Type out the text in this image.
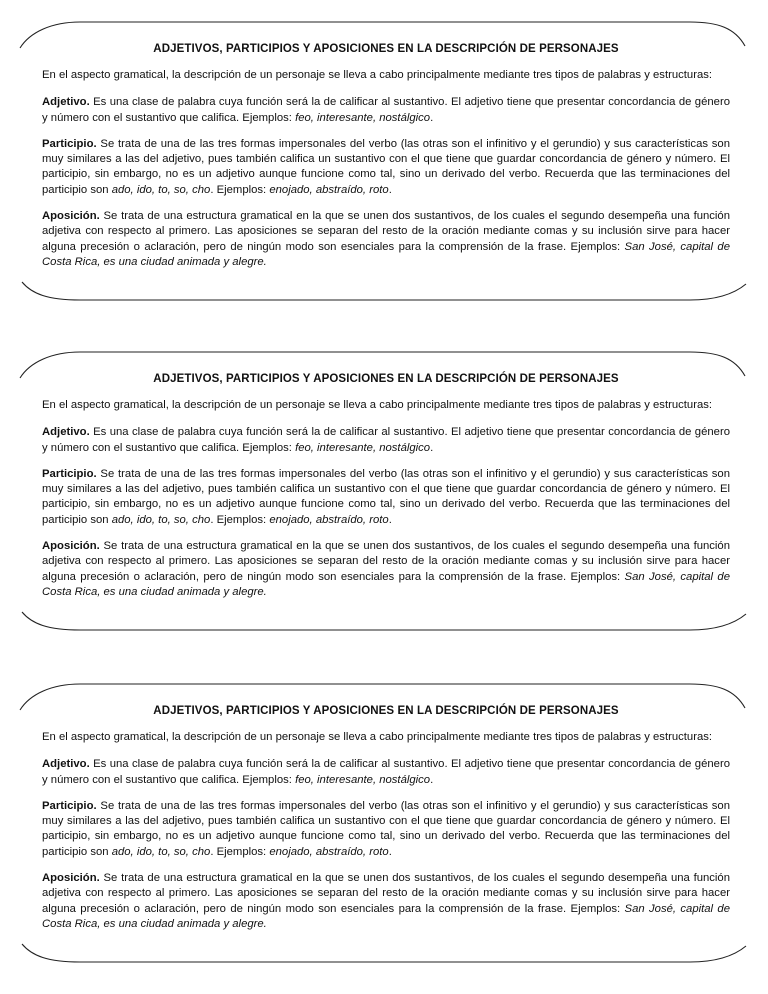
ADJETIVOS, PARTICIPIOS Y APOSICIONES EN LA DESCRIPCIÓN DE PERSONAJES

En el aspecto gramatical, la descripción de un personaje se lleva a cabo principalmente mediante tres tipos de palabras y estructuras:

Adjetivo. Es una clase de palabra cuya función será la de calificar al sustantivo. El adjetivo tiene que presentar concordancia de género y número con el sustantivo que califica. Ejemplos: feo, interesante, nostálgico.

Participio. Se trata de una de las tres formas impersonales del verbo (las otras son el infinitivo y el gerundio) y sus características son muy similares a las del adjetivo, pues también califica un sustantivo con el que tiene que guardar concordancia de género y número. El participio, sin embargo, no es un adjetivo aunque funcione como tal, sino un derivado del verbo. Recuerda que las terminaciones del participio son ado, ido, to, so, cho. Ejemplos: enojado, abstraído, roto.

Aposición. Se trata de una estructura gramatical en la que se unen dos sustantivos, de los cuales el segundo desempeña una función adjetiva con respecto al primero. Las aposiciones se separan del resto de la oración mediante comas y su inclusión sirve para hacer alguna precesión o aclaración, pero de ningún modo son esenciales para la comprensión de la frase. Ejemplos: San José, capital de Costa Rica, es una ciudad animada y alegre.

ADJETIVOS, PARTICIPIOS Y APOSICIONES EN LA DESCRIPCIÓN DE PERSONAJES

En el aspecto gramatical, la descripción de un personaje se lleva a cabo principalmente mediante tres tipos de palabras y estructuras:

Adjetivo. Es una clase de palabra cuya función será la de calificar al sustantivo. El adjetivo tiene que presentar concordancia de género y número con el sustantivo que califica. Ejemplos: feo, interesante, nostálgico.

Participio. Se trata de una de las tres formas impersonales del verbo (las otras son el infinitivo y el gerundio) y sus características son muy similares a las del adjetivo, pues también califica un sustantivo con el que tiene que guardar concordancia de género y número. El participio, sin embargo, no es un adjetivo aunque funcione como tal, sino un derivado del verbo. Recuerda que las terminaciones del participio son ado, ido, to, so, cho. Ejemplos: enojado, abstraído, roto.

Aposición. Se trata de una estructura gramatical en la que se unen dos sustantivos, de los cuales el segundo desempeña una función adjetiva con respecto al primero. Las aposiciones se separan del resto de la oración mediante comas y su inclusión sirve para hacer alguna precesión o aclaración, pero de ningún modo son esenciales para la comprensión de la frase. Ejemplos: San José, capital de Costa Rica, es una ciudad animada y alegre.

ADJETIVOS, PARTICIPIOS Y APOSICIONES EN LA DESCRIPCIÓN DE PERSONAJES

En el aspecto gramatical, la descripción de un personaje se lleva a cabo principalmente mediante tres tipos de palabras y estructuras:

Adjetivo. Es una clase de palabra cuya función será la de calificar al sustantivo. El adjetivo tiene que presentar concordancia de género y número con el sustantivo que califica. Ejemplos: feo, interesante, nostálgico.

Participio. Se trata de una de las tres formas impersonales del verbo (las otras son el infinitivo y el gerundio) y sus características son muy similares a las del adjetivo, pues también califica un sustantivo con el que tiene que guardar concordancia de género y número. El participio, sin embargo, no es un adjetivo aunque funcione como tal, sino un derivado del verbo. Recuerda que las terminaciones del participio son ado, ido, to, so, cho. Ejemplos: enojado, abstraído, roto.

Aposición. Se trata de una estructura gramatical en la que se unen dos sustantivos, de los cuales el segundo desempeña una función adjetiva con respecto al primero. Las aposiciones se separan del resto de la oración mediante comas y su inclusión sirve para hacer alguna precesión o aclaración, pero de ningún modo son esenciales para la comprensión de la frase. Ejemplos: San José, capital de Costa Rica, es una ciudad animada y alegre.
